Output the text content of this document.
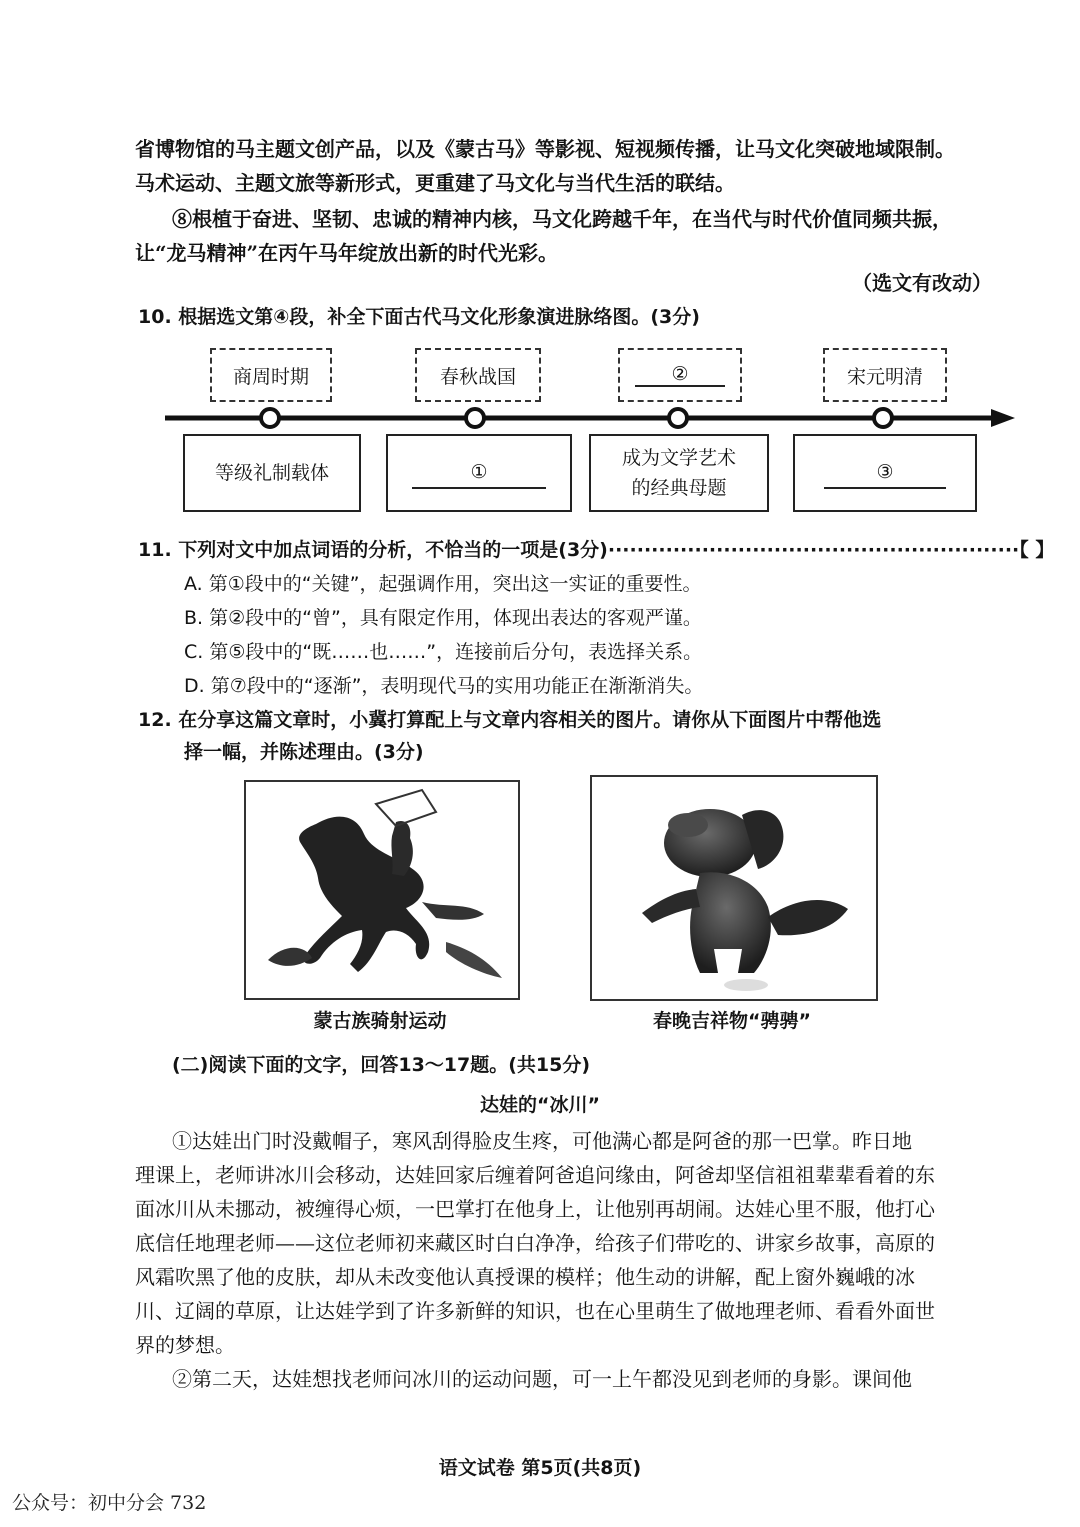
省博物馆的马主题文创产品，以及《蒙古马》等影视、短视频传播，让马文化突破地域限制。
马术运动、主题文旅等新形式，更重建了马文化与当代生活的联结。
⑧根植于奋进、坚韧、忠诚的精神内核，马文化跨越千年，在当代与时代价值同频共振，
让“龙马精神”在丙午马年绽放出新的时代光彩。
（选文有改动）
10. 根据选文第④段，补全下面古代马文化形象演进脉络图。(3分)
商周时期	春秋战国	②	宋元明清
等级礼制载体	①
成为文学艺术
的经典母题
③
11. 下列对文中加点词语的分析，不恰当的一项是(3分)·························································【 】
A. 第①段中的“关键”，起强调作用，突出这一实证的重要性。
B. 第②段中的“曾”，具有限定作用，体现出表达的客观严谨。
C. 第⑤段中的“既……也……”，连接前后分句，表选择关系。
D. 第⑦段中的“逐渐”，表明现代马的实用功能正在渐渐消失。
12. 在分享这篇文章时，小冀打算配上与文章内容相关的图片。请你从下面图片中帮他选
择一幅，并陈述理由。(3分)
蒙古族骑射运动	春晚吉祥物“骋骋”
(二)阅读下面的文字，回答13～17题。(共15分)
达娃的“冰川”
①达娃出门时没戴帽子，寒风刮得脸皮生疼，可他满心都是阿爸的那一巴掌。昨日地
理课上，老师讲冰川会移动，达娃回家后缠着阿爸追问缘由，阿爸却坚信祖祖辈辈看着的东
面冰川从未挪动，被缠得心烦，一巴掌打在他身上，让他别再胡闹。达娃心里不服，他打心
底信任地理老师——这位老师初来藏区时白白净净，给孩子们带吃的、讲家乡故事，高原的
风霜吹黑了他的皮肤，却从未改变他认真授课的模样；他生动的讲解，配上窗外巍峨的冰
川、辽阔的草原，让达娃学到了许多新鲜的知识，也在心里萌生了做地理老师、看看外面世
界的梦想。
②第二天，达娃想找老师问冰川的运动问题，可一上午都没见到老师的身影。课间他
语文试卷 第5页(共8页)
公众号：初中分会 732
